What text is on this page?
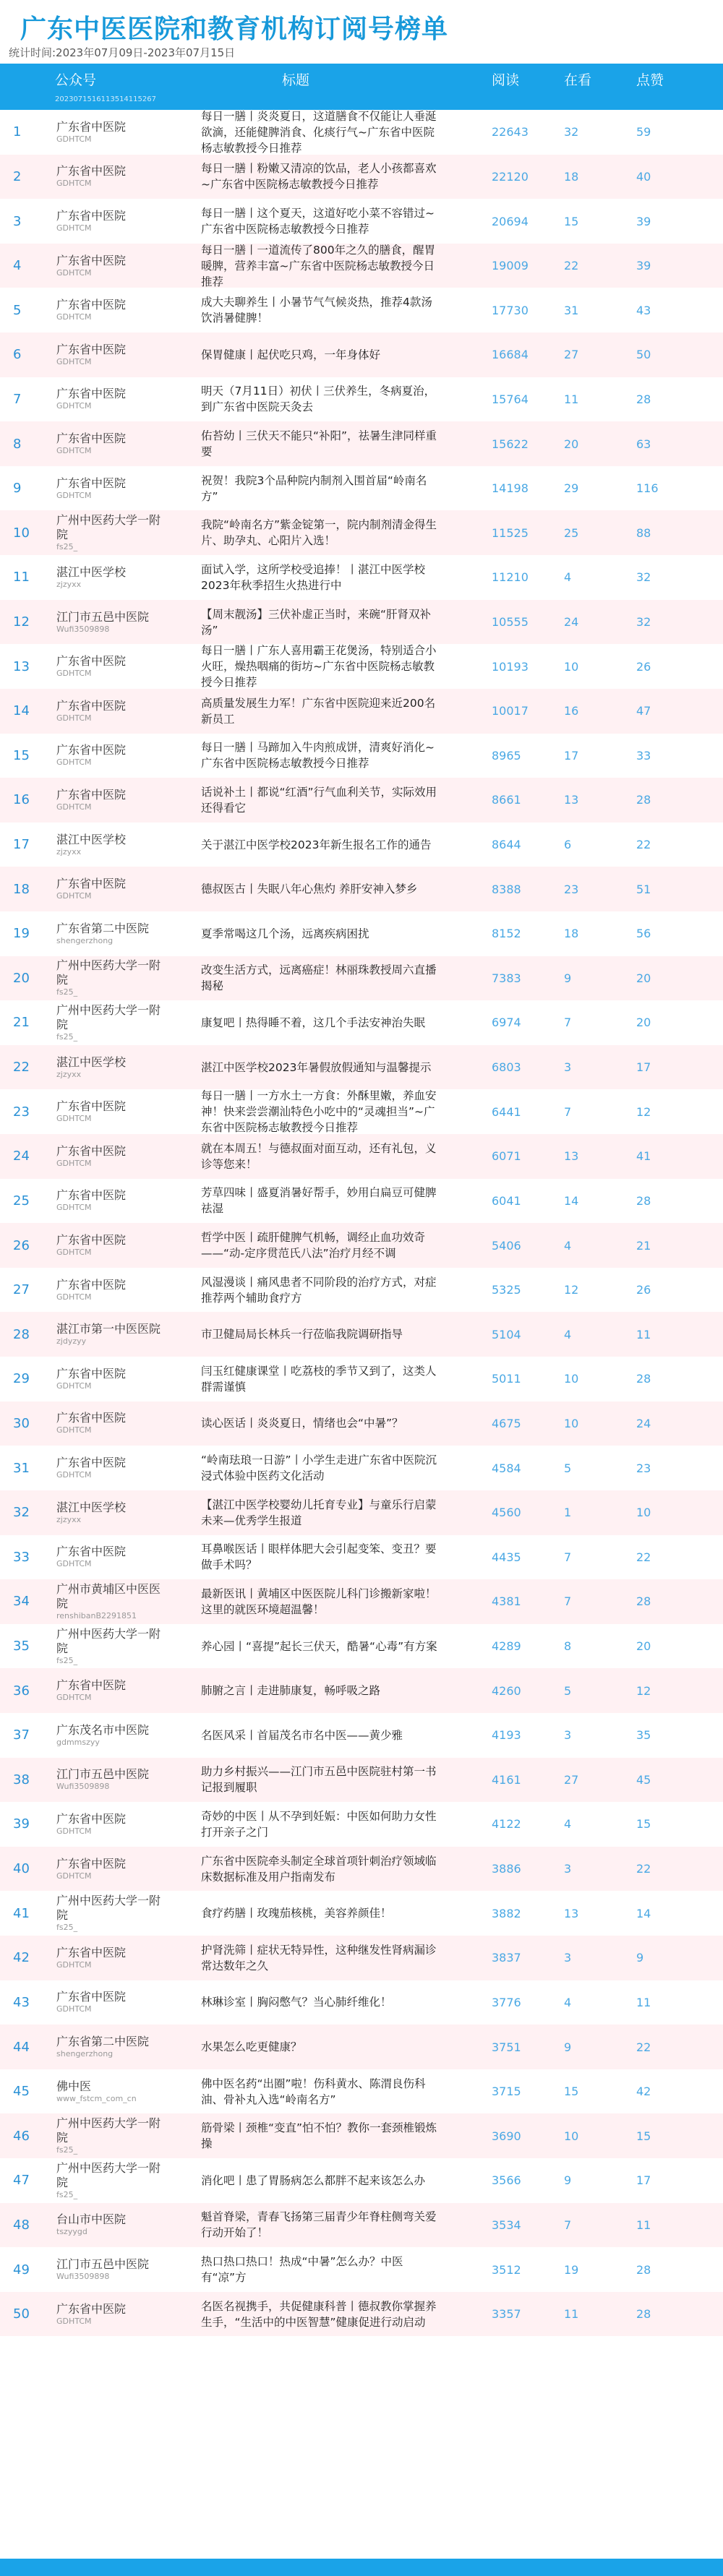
广东中医医院和教育机构订阅号榜单
统计时间:2023年07月09日-2023年07月15日
公众号	标题	阅读	在看	点赞
2023071516113514115267
1	广东省中医院
GDHTCM
每日一膳丨炎炎夏日，这道膳食不仅能让人垂涎欲滴，还能健脾消食、化痰行气~广东省中医院杨志敏教授今日推荐
22643	32	59
2	广东省中医院
GDHTCM
每日一膳丨粉嫩又清凉的饮品，老人小孩都喜欢~广东省中医院杨志敏教授今日推荐
22120	18	40
3	广东省中医院
GDHTCM
每日一膳丨这个夏天，这道好吃小菜不容错过~广东省中医院杨志敏教授今日推荐
20694	15	39
4	广东省中医院
GDHTCM
每日一膳丨一道流传了800年之久的膳食，醒胃暖脾，营养丰富~广东省中医院杨志敏教授今日推荐
19009	22	39
5	广东省中医院
GDHTCM
成大夫聊养生丨小暑节气气候炎热，推荐4款汤饮消暑健脾！
17730	31	43
6	广东省中医院
GDHTCM
保胃健康丨起伏吃只鸡，一年身体好	16684	27	50
7	广东省中医院
GDHTCM
明天（7月11日）初伏丨三伏养生，冬病夏治，到广东省中医院天灸去
15764	11	28
8	广东省中医院
GDHTCM
佑苔幼丨三伏天不能只“补阳”，祛暑生津同样重要
15622	20	63
9	广东省中医院
GDHTCM
祝贺！我院3个品种院内制剂入围首届“岭南名方”
14198	29	116
10
广州中医药大学一附院
fs25_
我院“岭南名方”紫金锭第一，院内制剂清金得生片、助孕丸、心阳片入选！
11525	25	88
11 湛江中医学校
zjzyxx
面试入学，这所学校受追捧！丨湛江中医学校2023年秋季招生火热进行中
11210	4	32
12 江门市五邑中医院
Wufi3509898
【周末靓汤】三伏补虚正当时，来碗“肝肾双补汤”
10555	24	32
13 广东省中医院
GDHTCM
每日一膳丨广东人喜用霸王花煲汤，特别适合小火旺，燥热咽痛的街坊~广东省中医院杨志敏教授今日推荐
10193	10	26
14 广东省中医院
GDHTCM
高质量发展生力军！广东省中医院迎来近200名新员工
10017	16	47
15 广东省中医院
GDHTCM
每日一膳丨马蹄加入牛肉煎成饼，清爽好消化~广东省中医院杨志敏教授今日推荐
8965	17	33
16 广东省中医院
GDHTCM
话说补土丨都说“红酒”行气血利关节，实际效用还得看它
8661	13	28
17 湛江中医学校
zjzyxx
关于湛江中医学校2023年新生报名工作的通告	8644	6	22
18 广东省中医院
GDHTCM
德叔医古丨失眠八年心焦灼 养肝安神入梦乡	8388	23	51
19 广东省第二中医院
shengerzhong
夏季常喝这几个汤，远离疾病困扰	8152	18	56
20
广州中医药大学一附院
fs25_
改变生活方式，远离癌症！林丽珠教授周六直播揭秘
7383	9	20
21
广州中医药大学一附院
fs25_
康复吧丨热得睡不着，这几个手法安神治失眠	6974	7	20
22 湛江中医学校
zjzyxx
湛江中医学校2023年暑假放假通知与温馨提示	6803	3	17
23 广东省中医院
GDHTCM
每日一膳丨一方水土一方食：外酥里嫩，养血安神！快来尝尝潮汕特色小吃中的“灵魂担当”~广东省中医院杨志敏教授今日推荐
6441	7	12
24 广东省中医院
GDHTCM
就在本周五！与德叔面对面互动，还有礼包，义诊等您来！
6071	13	41
25 广东省中医院
GDHTCM
芳草四味丨盛夏消暑好帮手，妙用白扁豆可健脾祛湿
6041	14	28
26 广东省中医院
GDHTCM
哲学中医丨疏肝健脾气机畅，调经止血功效奇——“动-定序贯范氏八法”治疗月经不调
5406	4	21
27 广东省中医院
GDHTCM
风湿漫谈丨痛风患者不同阶段的治疗方式，对症推荐两个辅助食疗方
5325	12	26
28 湛江市第一中医医院
zjdyzyy
市卫健局局长林兵一行莅临我院调研指导	5104	4	11
29 广东省中医院
GDHTCM
闫玉红健康课堂丨吃荔枝的季节又到了，这类人群需谨慎
5011	10	28
30 广东省中医院
GDHTCM
读心医话丨炎炎夏日，情绪也会“中暑”？	4675	10	24
31 广东省中医院
GDHTCM
“岭南珐琅一日游”丨小学生走进广东省中医院沉浸式体验中医药文化活动
4584	5	23
32 湛江中医学校
zjzyxx
【湛江中医学校婴幼儿托育专业】与童乐行启蒙未来—优秀学生报道
4560	1	10
33 广东省中医院
GDHTCM
耳鼻喉医话丨眼样体肥大会引起变笨、变丑？要做手术吗？
4435	7	22
34
广州市黄埔区中医医院
renshibanB2291851
最新医讯丨黄埔区中医医院儿科门诊搬新家啦！这里的就医环境超温馨！
4381	7	28
35
广州中医药大学一附院
fs25_
养心园丨“喜提”起长三伏天，酷暑“心毒”有方案	4289	8	20
36 广东省中医院
GDHTCM
肺腑之言丨走进肺康复，畅呼吸之路	4260	5	12
37 广东茂名市中医院
gdmmszyy
名医风采丨首届茂名市名中医——黄少雅	4193	3	35
38 江门市五邑中医院
Wufi3509898
助力乡村振兴——江门市五邑中医院驻村第一书记报到履职
4161	27	45
39 广东省中医院
GDHTCM
奇妙的中医丨从不孕到妊娠：中医如何助力女性打开亲子之门
4122	4	15
40 广东省中医院
GDHTCM
广东省中医院牵头制定全球首项针刺治疗领域临床数据标准及用户指南发布
3886	3	22
41
广州中医药大学一附院
fs25_
食疗药膳丨玫瑰茄核桃，美容养颜佳！	3882	13	14
42 广东省中医院
GDHTCM
护肾洗筛丨症状无特异性，这种继发性肾病漏诊常达数年之久
3837	3	9
43 广东省中医院
GDHTCM
林琳诊室丨胸闷憋气？当心肺纤维化！	3776	4	11
44 广东省第二中医院
shengerzhong
水果怎么吃更健康？	3751	9	22
45 佛中医
www_fstcm_com_cn
佛中医名药“出圈”啦！伤科黄水、陈渭良伤科油、骨补丸入选“岭南名方”
3715	15	42
46
广州中医药大学一附院
fs25_
筋骨梁丨颈椎“变直”怕不怕？教你一套颈椎锻炼操
3690	10	15
47
广州中医药大学一附院
fs25_
消化吧丨患了胃肠病怎么都胖不起来该怎么办	3566	9	17
48 台山市中医院
tszyygd
魁首脊梁，青春飞扬第三届青少年脊柱侧弯关爱行动开始了！
3534	7	11
49 江门市五邑中医院
Wufi3509898
热口热口热口！热成“中暑”怎么办？中医有“凉”方
3512	19	28
50 广东省中医院
GDHTCM
名医名视携手，共促健康科普丨德叔教你掌握养生手，“生活中的中医智慧”健康促进行动启动
3357	11	28
